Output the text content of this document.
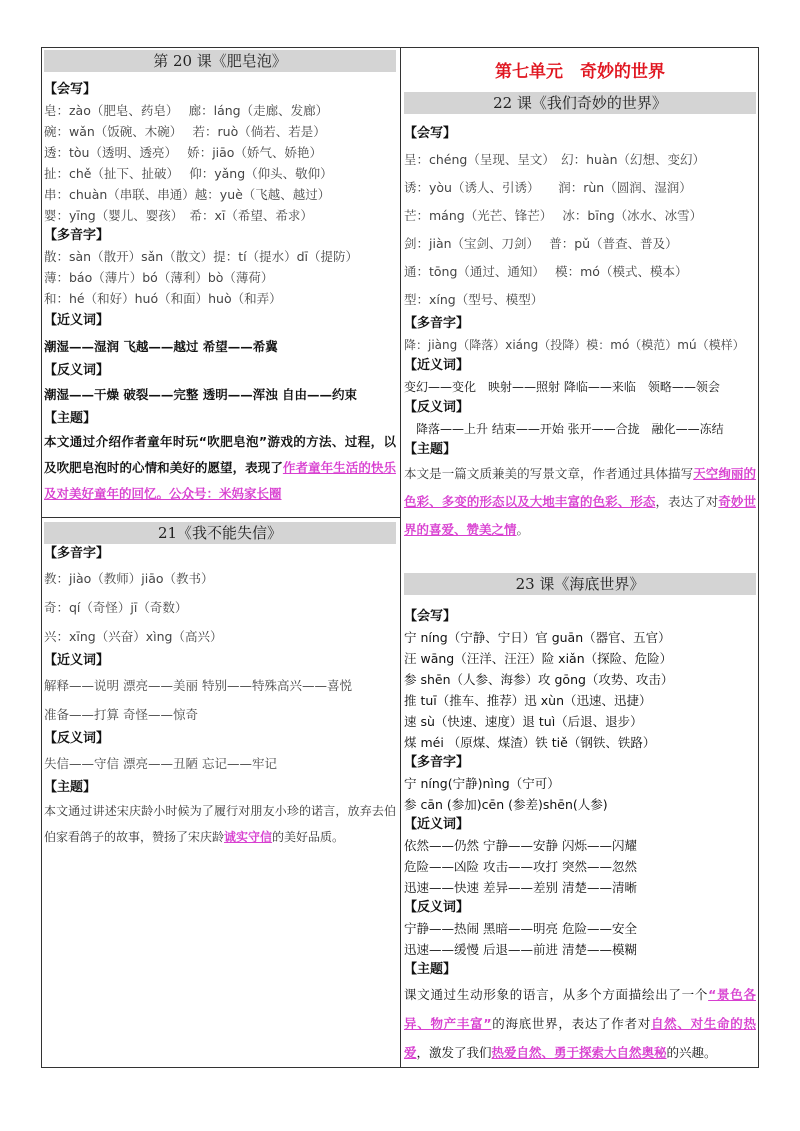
第 20 课《肥皂泡》
【会写】
皂：zào（肥皂、药皂）　 廊：láng（走廊、发廊）
碗：wǎn（饭碗、木碗）　 若：ruò（倘若、若是）
透：tòu（透明、透亮）　 娇：jiāo（娇气、娇艳）
扯：chě（扯下、扯破）　 仰：yǎng（仰头、敬仰）
串：chuàn（串联、串通）越：yuè（飞越、越过）
婴：yīng（婴儿、婴孩）　希：xī（希望、希求）
【多音字】
散：sàn（散开）sǎn（散文）提：tí（提水）dī（提防）
薄：báo（薄片）bó（薄利）bò（薄荷）
和：hé（和好）huó（和面）huò（和弄）
【近义词】
潮湿——湿润 飞越——越过 希望——希冀
【反义词】
潮湿——干燥 破裂——完整 透明——浑浊 自由——约束
【主题】
本文通过介绍作者童年时玩“吹肥皂泡”游戏的方法、过程，以及吹肥皂泡时的心情和美好的愿望，表现了作者童年生活的快乐及对美好童年的回忆。公众号：米妈家长圈
21《我不能失信》
【多音字】
教：jiào（教师）jiāo（教书）
奇：qí（奇怪）jī（奇数）
兴：xīng（兴奋）xìng（高兴）
【近义词】
解释——说明 漂亮——美丽 特别——特殊高兴——喜悦
准备——打算 奇怪——惊奇
【反义词】
失信——守信 漂亮——丑陋 忘记——牢记
【主题】
本文通过讲述宋庆龄小时候为了履行对朋友小珍的诺言，放弃去伯伯家看鸽子的故事，赞扬了宋庆龄诚实守信的美好品质。
第七单元　奇妙的世界
22 课《我们奇妙的世界》
【会写】
呈：chéng（呈现、呈文）　幻：huàn（幻想、变幻）
诱：yòu（诱人、引诱）　　润：rùn（圆润、湿润）
芒：máng（光芒、锋芒）　 冰：bīng（冰水、冰雪）
剑：jiàn（宝剑、刀剑）　 普：pǔ（普查、普及）
通：tōng（通过、通知）　 模：mó（模式、模本）
型：xíng（型号、模型）
【多音字】
降：jiàng（降落）xiáng（投降）模：mó（模范）mú（模样）
【近义词】
变幻——变化　映射——照射 降临——来临　领略——领会
【反义词】
　降落——上升 结束——开始 张开——合拢　融化——冻结
【主题】
本文是一篇文质兼美的写景文章，作者通过具体描写天空绚丽的色彩、多变的形态以及大地丰富的色彩、形态，表达了对奇妙世界的喜爱、赞美之情。
23 课《海底世界》
【会写】
宁 níng（宁静、宁日）官 guān（器官、五官）
汪 wāng（汪洋、汪汪）险 xiǎn（探险、危险）
参 shēn（人参、海参）攻 gōng（攻势、攻击）
推 tuī（推车、推荐）迅 xùn（迅速、迅捷）
速 sù（快速、速度）退 tuì（后退、退步）
煤 méi （原煤、煤渣）铁 tiě（钢铁、铁路）
【多音字】
宁 níng(宁静)nìng（宁可）
参 cān (参加)cēn (参差)shēn(人参)
【近义词】
依然——仍然 宁静——安静 闪烁——闪耀
危险——凶险 攻击——攻打 突然——忽然
迅速——快速 差异——差别 清楚——清晰
【反义词】
宁静——热闹 黑暗——明亮 危险——安全
迅速——缓慢 后退——前进 清楚——模糊
【主题】
课文通过生动形象的语言，从多个方面描绘出了一个“景色各异、物产丰富”的海底世界，表达了作者对自然、对生命的热爱，激发了我们热爱自然、勇于探索大自然奥秘的兴趣。
